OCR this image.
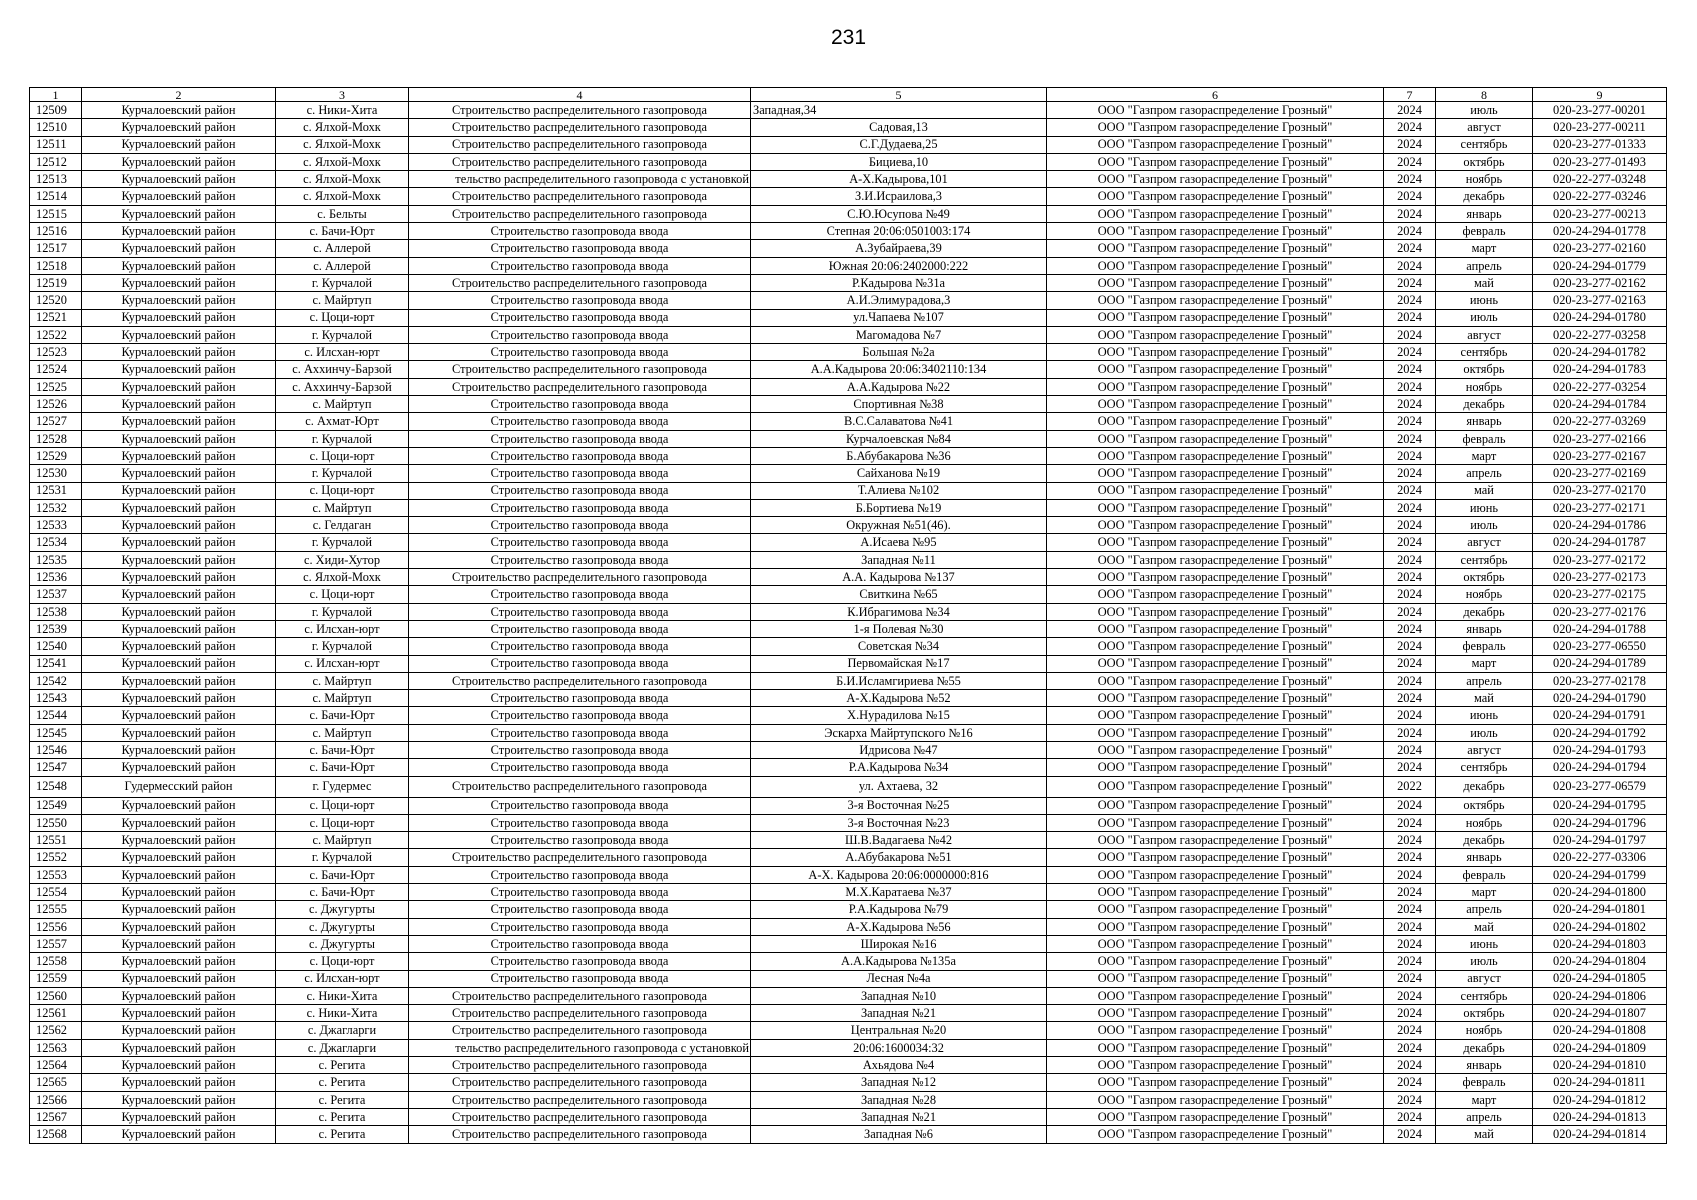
231
1	2	3	4	5	6	7	8	9
12509	Курчалоевский район	с. Ники-Хита	Строительство распределительного газопровода	Западная,34	ООО "Газпром газораспределение Грозный"	2024	июль	020-23-277-00201
12510	Курчалоевский район	с. Ялхой-Мохк	Строительство распределительного газопровода	Садовая,13	ООО "Газпром газораспределение Грозный"	2024	август	020-23-277-00211
12511	Курчалоевский район	с. Ялхой-Мохк	Строительство распределительного газопровода	С.Г.Дудаева,25	ООО "Газпром газораспределение Грозный"	2024	сентябрь	020-23-277-01333
12512	Курчалоевский район	с. Ялхой-Мохк	Строительство распределительного газопровода	Бициева,10	ООО "Газпром газораспределение Грозный"	2024	октябрь	020-23-277-01493
12513	Курчалоевский район	с. Ялхой-Мохк	тельство распределительного газопровода с установкой	А-Х.Кадырова,101	ООО "Газпром газораспределение Грозный"	2024	ноябрь	020-22-277-03248
12514	Курчалоевский район	с. Ялхой-Мохк	Строительство распределительного газопровода	З.И.Исраилова,3	ООО "Газпром газораспределение Грозный"	2024	декабрь	020-22-277-03246
12515	Курчалоевский район	с. Бельты	Строительство распределительного газопровода	С.Ю.Юсупова №49	ООО "Газпром газораспределение Грозный"	2024	январь	020-23-277-00213
12516	Курчалоевский район	с. Бачи-Юрт	Строительство газопровода ввода	Степная 20:06:0501003:174	ООО "Газпром газораспределение Грозный"	2024	февраль	020-24-294-01778
12517	Курчалоевский район	с. Аллерой	Строительство газопровода ввода	А.Зубайраева,39	ООО "Газпром газораспределение Грозный"	2024	март	020-23-277-02160
12518	Курчалоевский район	с. Аллерой	Строительство газопровода ввода	Южная 20:06:2402000:222	ООО "Газпром газораспределение Грозный"	2024	апрель	020-24-294-01779
12519	Курчалоевский район	г. Курчалой	Строительство распределительного газопровода	Р.Кадырова №31а	ООО "Газпром газораспределение Грозный"	2024	май	020-23-277-02162
12520	Курчалоевский район	с. Майртуп	Строительство газопровода ввода	А.И.Элимурадова,3	ООО "Газпром газораспределение Грозный"	2024	июнь	020-23-277-02163
12521	Курчалоевский район	с. Цоци-юрт	Строительство газопровода ввода	ул.Чапаева №107	ООО "Газпром газораспределение Грозный"	2024	июль	020-24-294-01780
12522	Курчалоевский район	г. Курчалой	Строительство газопровода ввода	Магомадова №7	ООО "Газпром газораспределение Грозный"	2024	август	020-22-277-03258
12523	Курчалоевский район	с. Илсхан-юрт	Строительство газопровода ввода	Большая №2а	ООО "Газпром газораспределение Грозный"	2024	сентябрь	020-24-294-01782
12524	Курчалоевский район	с. Аххинчу-Барзой	Строительство распределительного газопровода	А.А.Кадырова 20:06:3402110:134	ООО "Газпром газораспределение Грозный"	2024	октябрь	020-24-294-01783
12525	Курчалоевский район	с. Аххинчу-Барзой	Строительство распределительного газопровода	А.А.Кадырова №22	ООО "Газпром газораспределение Грозный"	2024	ноябрь	020-22-277-03254
12526	Курчалоевский район	с. Майртуп	Строительство газопровода ввода	Спортивная №38	ООО "Газпром газораспределение Грозный"	2024	декабрь	020-24-294-01784
12527	Курчалоевский район	с. Ахмат-Юрт	Строительство газопровода ввода	В.С.Салаватова №41	ООО "Газпром газораспределение Грозный"	2024	январь	020-22-277-03269
12528	Курчалоевский район	г. Курчалой	Строительство газопровода ввода	Курчалоевская №84	ООО "Газпром газораспределение Грозный"	2024	февраль	020-23-277-02166
12529	Курчалоевский район	с. Цоци-юрт	Строительство газопровода ввода	Б.Абубакарова №36	ООО "Газпром газораспределение Грозный"	2024	март	020-23-277-02167
12530	Курчалоевский район	г. Курчалой	Строительство газопровода ввода	Сайханова №19	ООО "Газпром газораспределение Грозный"	2024	апрель	020-23-277-02169
12531	Курчалоевский район	с. Цоци-юрт	Строительство газопровода ввода	Т.Алиева №102	ООО "Газпром газораспределение Грозный"	2024	май	020-23-277-02170
12532	Курчалоевский район	с. Майртуп	Строительство газопровода ввода	Б.Бортиева №19	ООО "Газпром газораспределение Грозный"	2024	июнь	020-23-277-02171
12533	Курчалоевский район	с. Гелдаган	Строительство газопровода ввода	Окружная №51(46).	ООО "Газпром газораспределение Грозный"	2024	июль	020-24-294-01786
12534	Курчалоевский район	г. Курчалой	Строительство газопровода ввода	А.Исаева №95	ООО "Газпром газораспределение Грозный"	2024	август	020-24-294-01787
12535	Курчалоевский район	с. Хиди-Хутор	Строительство газопровода ввода	Западная №11	ООО "Газпром газораспределение Грозный"	2024	сентябрь	020-23-277-02172
12536	Курчалоевский район	с. Ялхой-Мохк	Строительство распределительного газопровода	А.А. Кадырова №137	ООО "Газпром газораспределение Грозный"	2024	октябрь	020-23-277-02173
12537	Курчалоевский район	с. Цоци-юрт	Строительство газопровода ввода	Свиткина №65	ООО "Газпром газораспределение Грозный"	2024	ноябрь	020-23-277-02175
12538	Курчалоевский район	г. Курчалой	Строительство газопровода ввода	К.Ибрагимова №34	ООО "Газпром газораспределение Грозный"	2024	декабрь	020-23-277-02176
12539	Курчалоевский район	с. Илсхан-юрт	Строительство газопровода ввода	1-я Полевая №30	ООО "Газпром газораспределение Грозный"	2024	январь	020-24-294-01788
12540	Курчалоевский район	г. Курчалой	Строительство газопровода ввода	Советская №34	ООО "Газпром газораспределение Грозный"	2024	февраль	020-23-277-06550
12541	Курчалоевский район	с. Илсхан-юрт	Строительство газопровода ввода	Первомайская №17	ООО "Газпром газораспределение Грозный"	2024	март	020-24-294-01789
12542	Курчалоевский район	с. Майртуп	Строительство распределительного газопровода	Б.И.Исламгириева №55	ООО "Газпром газораспределение Грозный"	2024	апрель	020-23-277-02178
12543	Курчалоевский район	с. Майртуп	Строительство газопровода ввода	А-Х.Кадырова №52	ООО "Газпром газораспределение Грозный"	2024	май	020-24-294-01790
12544	Курчалоевский район	с. Бачи-Юрт	Строительство газопровода ввода	Х.Нурадилова №15	ООО "Газпром газораспределение Грозный"	2024	июнь	020-24-294-01791
12545	Курчалоевский район	с. Майртуп	Строительство газопровода ввода	Эскарха Майртупского №16	ООО "Газпром газораспределение Грозный"	2024	июль	020-24-294-01792
12546	Курчалоевский район	с. Бачи-Юрт	Строительство газопровода ввода	Идрисова №47	ООО "Газпром газораспределение Грозный"	2024	август	020-24-294-01793
12547	Курчалоевский район	с. Бачи-Юрт	Строительство газопровода ввода	Р.А.Кадырова №34	ООО "Газпром газораспределение Грозный"	2024	сентябрь	020-24-294-01794
12548	Гудермесский район	г. Гудермес	Строительство распределительного газопровода	ул. Ахтаева, 32	ООО "Газпром газораспределение Грозный"	2022	декабрь	020-23-277-06579
12549	Курчалоевский район	с. Цоци-юрт	Строительство газопровода ввода	3-я Восточная №25	ООО "Газпром газораспределение Грозный"	2024	октябрь	020-24-294-01795
12550	Курчалоевский район	с. Цоци-юрт	Строительство газопровода ввода	3-я Восточная №23	ООО "Газпром газораспределение Грозный"	2024	ноябрь	020-24-294-01796
12551	Курчалоевский район	с. Майртуп	Строительство газопровода ввода	Ш.В.Вадагаева №42	ООО "Газпром газораспределение Грозный"	2024	декабрь	020-24-294-01797
12552	Курчалоевский район	г. Курчалой	Строительство распределительного газопровода	А.Абубакарова №51	ООО "Газпром газораспределение Грозный"	2024	январь	020-22-277-03306
12553	Курчалоевский район	с. Бачи-Юрт	Строительство газопровода ввода	А-Х. Кадырова 20:06:0000000:816	ООО "Газпром газораспределение Грозный"	2024	февраль	020-24-294-01799
12554	Курчалоевский район	с. Бачи-Юрт	Строительство газопровода ввода	М.Х.Каратаева №37	ООО "Газпром газораспределение Грозный"	2024	март	020-24-294-01800
12555	Курчалоевский район	с. Джугурты	Строительство газопровода ввода	Р.А.Кадырова №79	ООО "Газпром газораспределение Грозный"	2024	апрель	020-24-294-01801
12556	Курчалоевский район	с. Джугурты	Строительство газопровода ввода	А-Х.Кадырова №56	ООО "Газпром газораспределение Грозный"	2024	май	020-24-294-01802
12557	Курчалоевский район	с. Джугурты	Строительство газопровода ввода	Широкая №16	ООО "Газпром газораспределение Грозный"	2024	июнь	020-24-294-01803
12558	Курчалоевский район	с. Цоци-юрт	Строительство газопровода ввода	А.А.Кадырова №135а	ООО "Газпром газораспределение Грозный"	2024	июль	020-24-294-01804
12559	Курчалоевский район	с. Илсхан-юрт	Строительство газопровода ввода	Лесная №4а	ООО "Газпром газораспределение Грозный"	2024	август	020-24-294-01805
12560	Курчалоевский район	с. Ники-Хита	Строительство распределительного газопровода	Западная №10	ООО "Газпром газораспределение Грозный"	2024	сентябрь	020-24-294-01806
12561	Курчалоевский район	с. Ники-Хита	Строительство распределительного газопровода	Западная №21	ООО "Газпром газораспределение Грозный"	2024	октябрь	020-24-294-01807
12562	Курчалоевский район	с. Джагларги	Строительство распределительного газопровода	Центральная №20	ООО "Газпром газораспределение Грозный"	2024	ноябрь	020-24-294-01808
12563	Курчалоевский район	с. Джагларги	тельство распределительного газопровода с установкой	20:06:1600034:32	ООО "Газпром газораспределение Грозный"	2024	декабрь	020-24-294-01809
12564	Курчалоевский район	с. Регита	Строительство распределительного газопровода	Ахьядова №4	ООО "Газпром газораспределение Грозный"	2024	январь	020-24-294-01810
12565	Курчалоевский район	с. Регита	Строительство распределительного газопровода	Западная №12	ООО "Газпром газораспределение Грозный"	2024	февраль	020-24-294-01811
12566	Курчалоевский район	с. Регита	Строительство распределительного газопровода	Западная №28	ООО "Газпром газораспределение Грозный"	2024	март	020-24-294-01812
12567	Курчалоевский район	с. Регита	Строительство распределительного газопровода	Западная №21	ООО "Газпром газораспределение Грозный"	2024	апрель	020-24-294-01813
12568	Курчалоевский район	с. Регита	Строительство распределительного газопровода	Западная №6	ООО "Газпром газораспределение Грозный"	2024	май	020-24-294-01814
